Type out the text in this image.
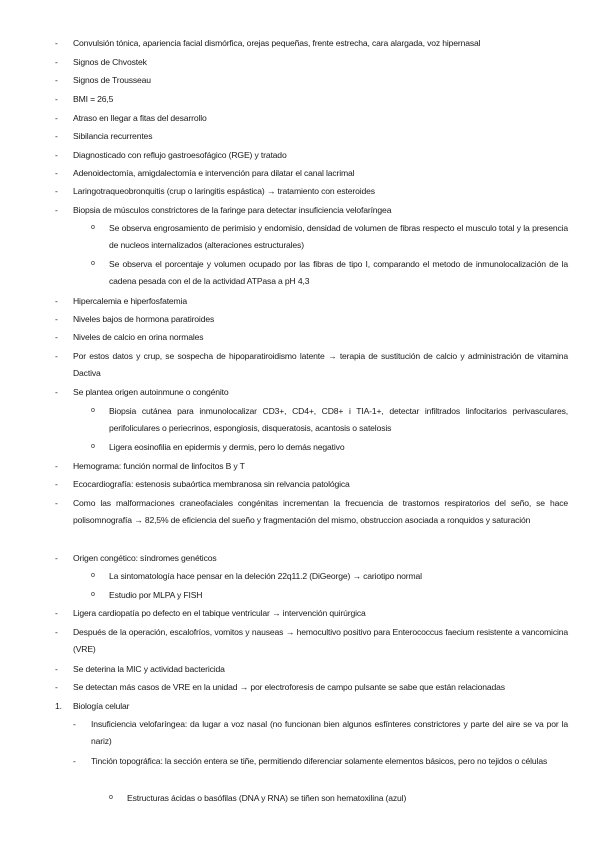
- Convulsión tónica, apariencia facial dismórfica, orejas pequeñas, frente estrecha, cara alargada, voz hipernasal
- Signos de Chvostek
- Signos de Trousseau
- BMI = 26,5
- Atraso en llegar a fitas del desarrollo
- Sibilancia recurrentes
- Diagnosticado con reflujo gastroesofágico (RGE) y tratado
- Adenoidectomía, amigdalectomía e intervención para dilatar el canal lacrimal
- Laringotraqueobronquitis (crup o laringitis espástica) → tratamiento con esteroides
- Biopsia de músculos constrictores de la faringe para detectar insuficiencia velofaríngea
o Se observa engrosamiento de perimisio y endomisio, densidad de volumen de fibras respecto el musculo total y la presencia de nucleos internalizados (alteraciones estructurales)
o Se observa el porcentaje y volumen ocupado por las fibras de tipo I, comparando el metodo de inmunolocalización de la cadena pesada con el de la actividad ATPasa a pH 4,3
- Hipercalemia e hiperfosfatemia
- Niveles bajos de hormona paratiroides
- Niveles de calcio en orina normales
- Por estos datos y crup, se sospecha de hipoparatiroidismo latente → terapia de sustitución de calcio y administración de vitamina Dactiva
- Se plantea origen autoinmune o congénito
o Biopsia cutánea para inmunolocalizar CD3+, CD4+, CD8+ i TIA-1+, detectar infiltrados linfocitarios perivasculares, perifoliculares o periecrinos, espongiosis, disqueratosis, acantosis o satelosis
o Ligera eosinofilia en epidermis y dermis, pero lo demás negativo
- Hemograma: función normal de linfocitos B y T
- Ecocardiografía: estenosis subaórtica membranosa sin relvancia patológica
- Como las malformaciones craneofaciales congénitas incrementan la frecuencia de trastornos respiratorios del seño, se hace polisomnografía → 82,5% de eficiencia del sueño y fragmentación del mismo, obstruccion asociada a ronquidos y saturación
- Origen congético: síndromes genéticos
o La sintomatología hace pensar en la deleción 22q11.2 (DiGeorge) → cariotipo normal
o Estudio por MLPA y FISH
- Ligera cardiopatía po defecto en el tabique ventricular → intervención quirúrgica
- Después de la operación, escalofríos, vomitos y nauseas → hemocultivo positivo para Enterococcus faecium resistente a vancomicina (VRE)
- Se deterina la MIC y actividad bactericida
- Se detectan más casos de VRE en la unidad → por electroforesis de campo pulsante se sabe que están relacionadas
1. Biología celular
- Insuficiencia velofaríngea: da lugar a voz nasal (no funcionan bien algunos esfínteres constrictores y parte del aire se va por la nariz)
- Tinción topográfica: la sección entera se tiñe, permitiendo diferenciar solamente elementos básicos, pero no tejidos o células
o Estructuras ácidas o basófilas (DNA y RNA) se tiñen son hematoxilina (azul)
